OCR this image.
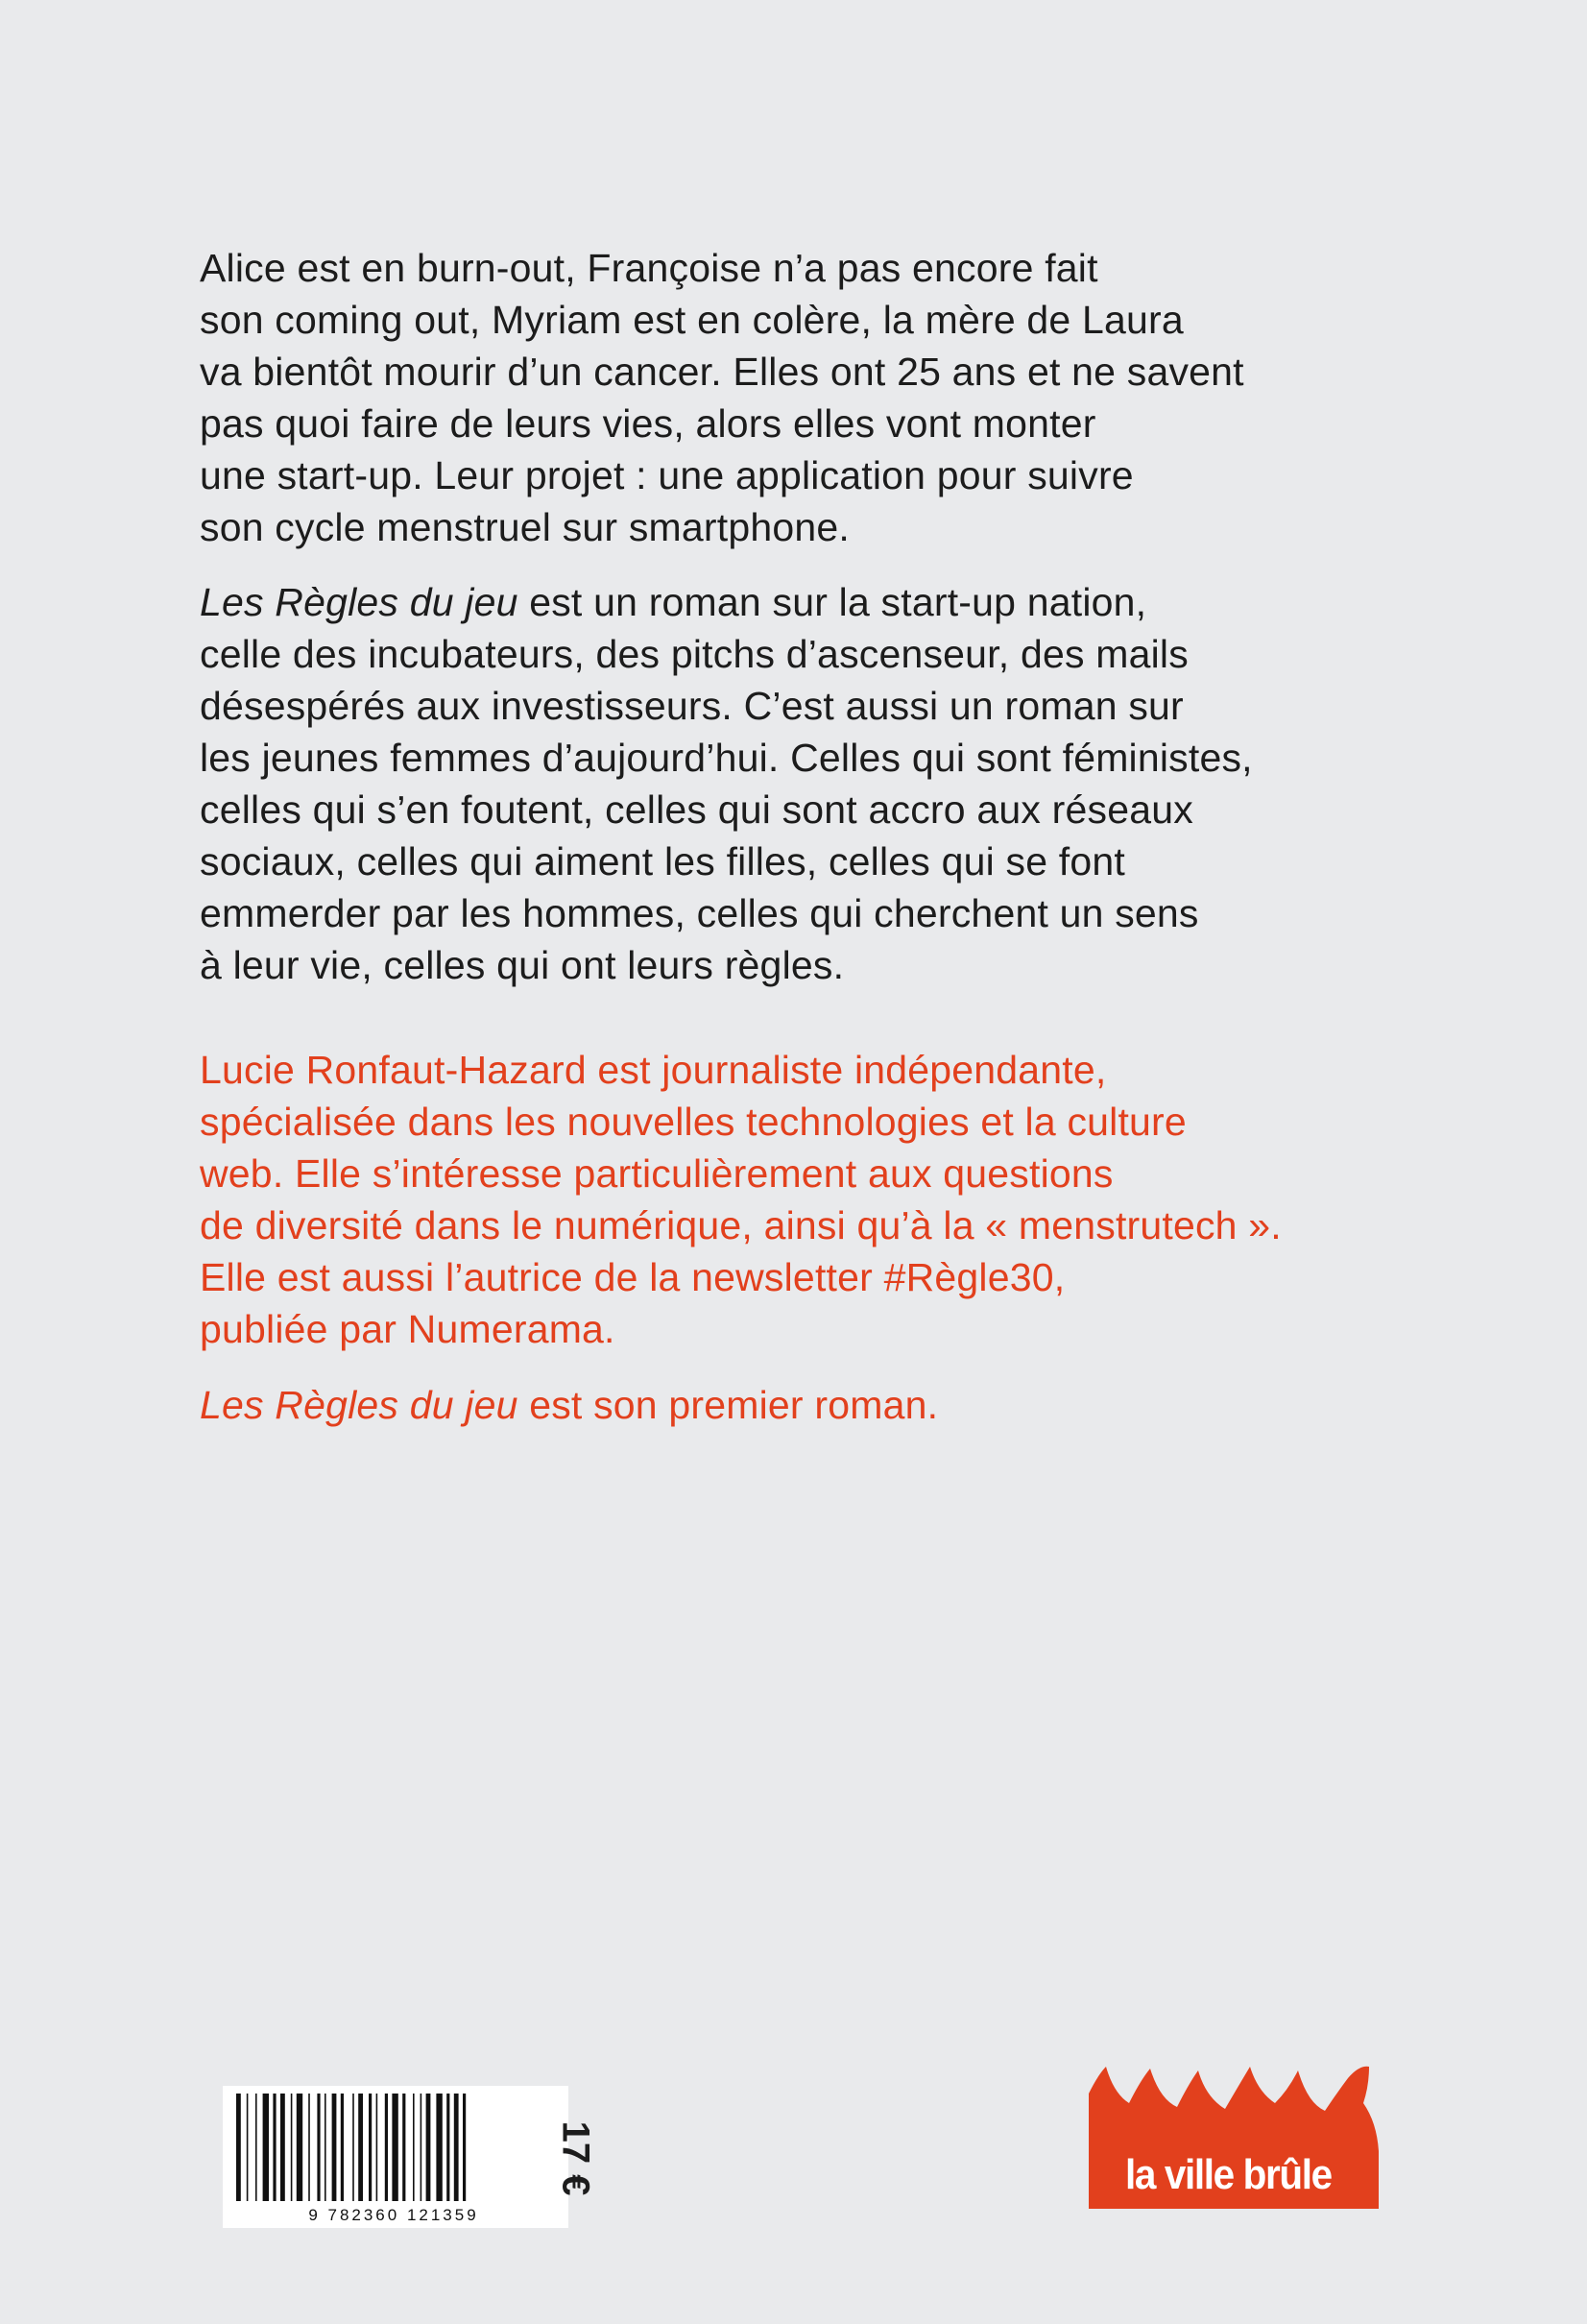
Alice est en burn-out, Françoise n’a pas encore fait
son coming out, Myriam est en colère, la mère de Laura
va bientôt mourir d’un cancer. Elles ont 25 ans et ne savent
pas quoi faire de leurs vies, alors elles vont monter
une start-up. Leur projet : une application pour suivre
son cycle menstruel sur smartphone.

Les Règles du jeu est un roman sur la start-up nation,
celle des incubateurs, des pitchs d’ascenseur, des mails
désespérés aux investisseurs. C’est aussi un roman sur
les jeunes femmes d’aujourd’hui. Celles qui sont féministes,
celles qui s’en foutent, celles qui sont accro aux réseaux
sociaux, celles qui aiment les filles, celles qui se font
emmerder par les hommes, celles qui cherchent un sens
à leur vie, celles qui ont leurs règles.

Lucie Ronfaut-Hazard est journaliste indépendante,
spécialisée dans les nouvelles technologies et la culture
web. Elle s’intéresse particulièrement aux questions
de diversité dans le numérique, ainsi qu’à la « menstrutech ».
Elle est aussi l’autrice de la newsletter #Règle30,
publiée par Numerama.

Les Règles du jeu est son premier roman.

9 782360 121359
17 €	la ville brûle
